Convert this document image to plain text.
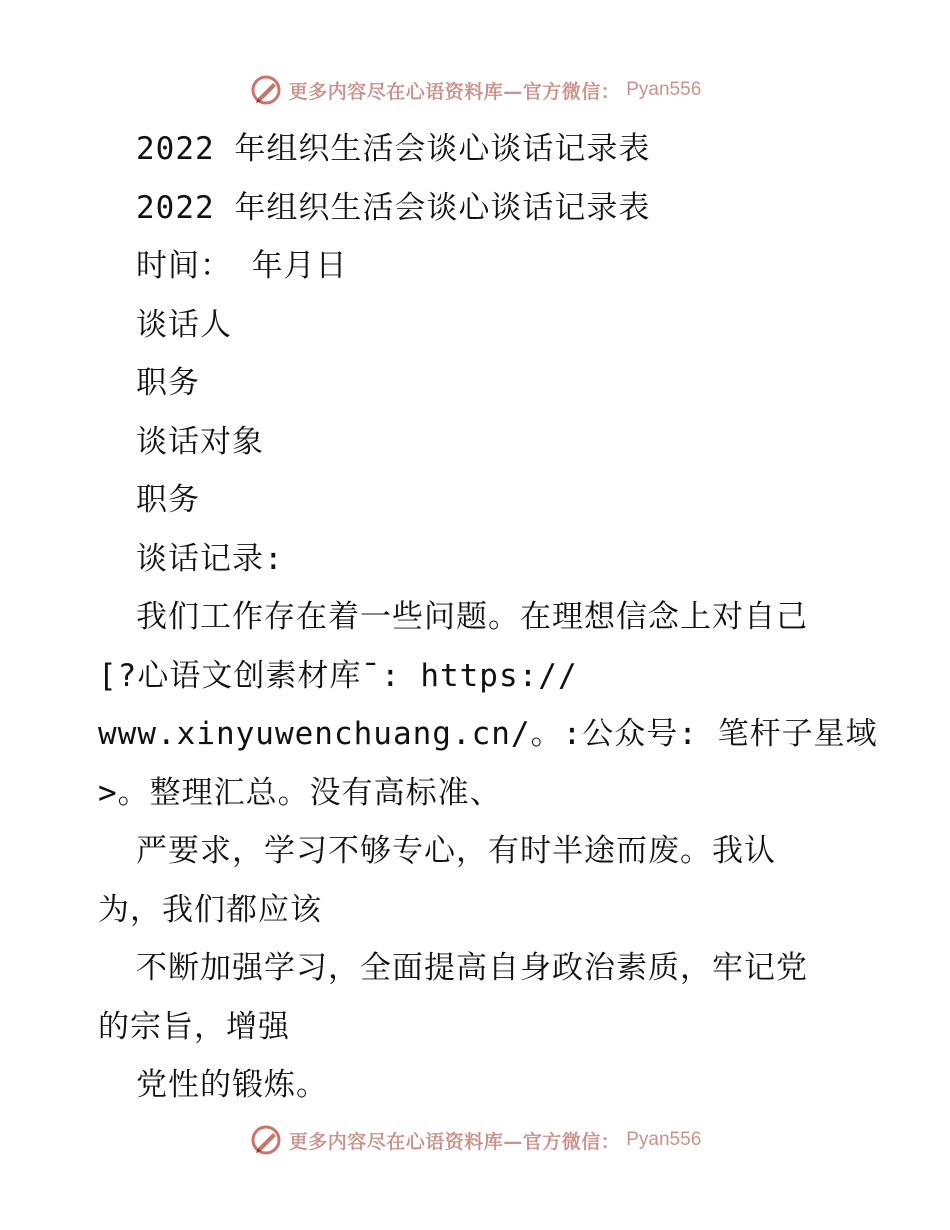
更多内容尽在心语资料库—官方微信： Pyan556
2022 年组织生活会谈心谈话记录表
2022 年组织生活会谈心谈话记录表
时间： 年月日
谈话人
职务
谈话对象
职务
谈话记录:
我们工作存在着一些问题。在理想信念上对自己
[?心语文创素材库¯: https://
www.xinyuwenchuang.cn/。:公众号: 笔杆子星域
>。整理汇总。没有高标准、
严要求，学习不够专心，有时半途而废。我认
为，我们都应该
不断加强学习，全面提高自身政治素质，牢记党
的宗旨，增强
党性的锻炼。
更多内容尽在心语资料库—官方微信： Pyan556
